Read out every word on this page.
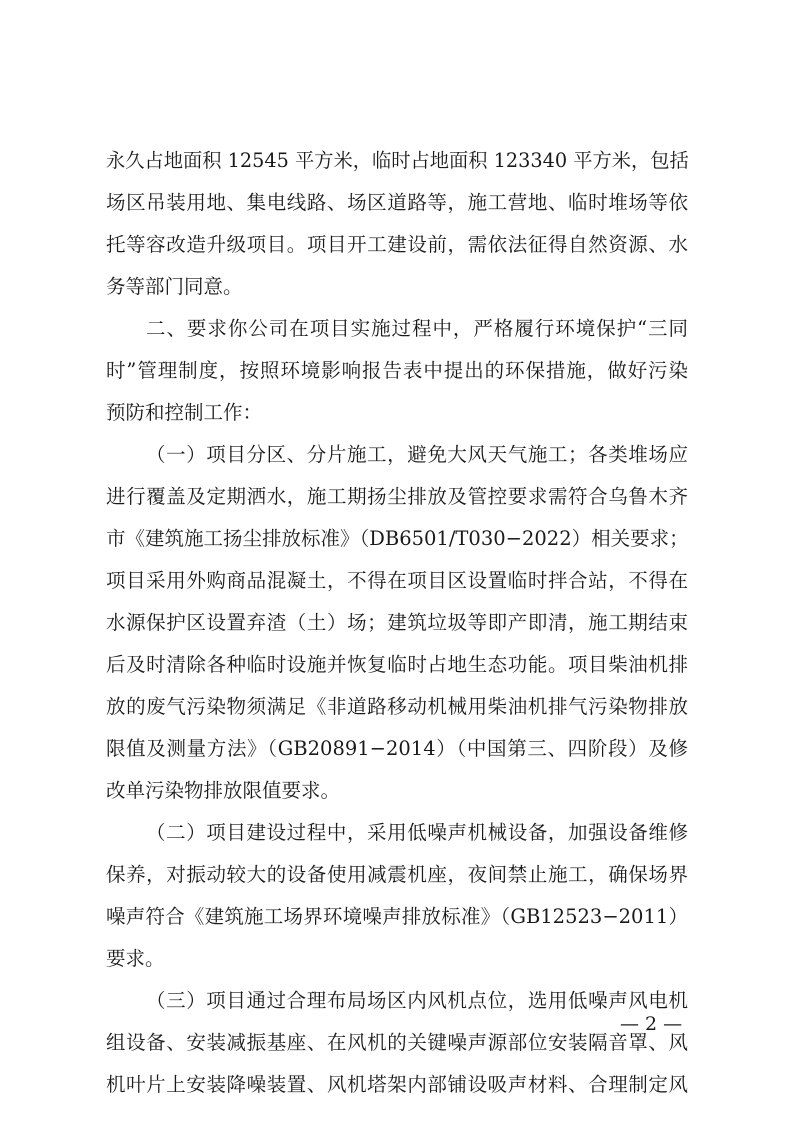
永久占地面积 12545 平方米，临时占地面积 123340 平方米，包括
场区吊装用地、集电线路、场区道路等，施工营地、临时堆场等依
托等容改造升级项目。项目开工建设前，需依法征得自然资源、水
务等部门同意。
二、要求你公司在项目实施过程中，严格履行环境保护“三同
时”管理制度，按照环境影响报告表中提出的环保措施，做好污染
预防和控制工作：
（一）项目分区、分片施工，避免大风天气施工；各类堆场应
进行覆盖及定期洒水，施工期扬尘排放及管控要求需符合乌鲁木齐
市《建筑施工扬尘排放标准》（DB6501/T030−2022）相关要求；
项目采用外购商品混凝土，不得在项目区设置临时拌合站，不得在
水源保护区设置弃渣（土）场；建筑垃圾等即产即清，施工期结束
后及时清除各种临时设施并恢复临时占地生态功能。项目柴油机排
放的废气污染物须满足《非道路移动机械用柴油机排气污染物排放
限值及测量方法》（GB20891−2014）（中国第三、四阶段）及修
改单污染物排放限值要求。
（二）项目建设过程中，采用低噪声机械设备，加强设备维修
保养，对振动较大的设备使用减震机座，夜间禁止施工，确保场界
噪声符合《建筑施工场界环境噪声排放标准》（GB12523−2011）
要求。
（三）项目通过合理布局场区内风机点位，选用低噪声风电机
组设备、安装减振基座、在风机的关键噪声源部位安装隔音罩、风
机叶片上安装降噪装置、风机塔架内部铺设吸声材料、合理制定风
— 2 —
